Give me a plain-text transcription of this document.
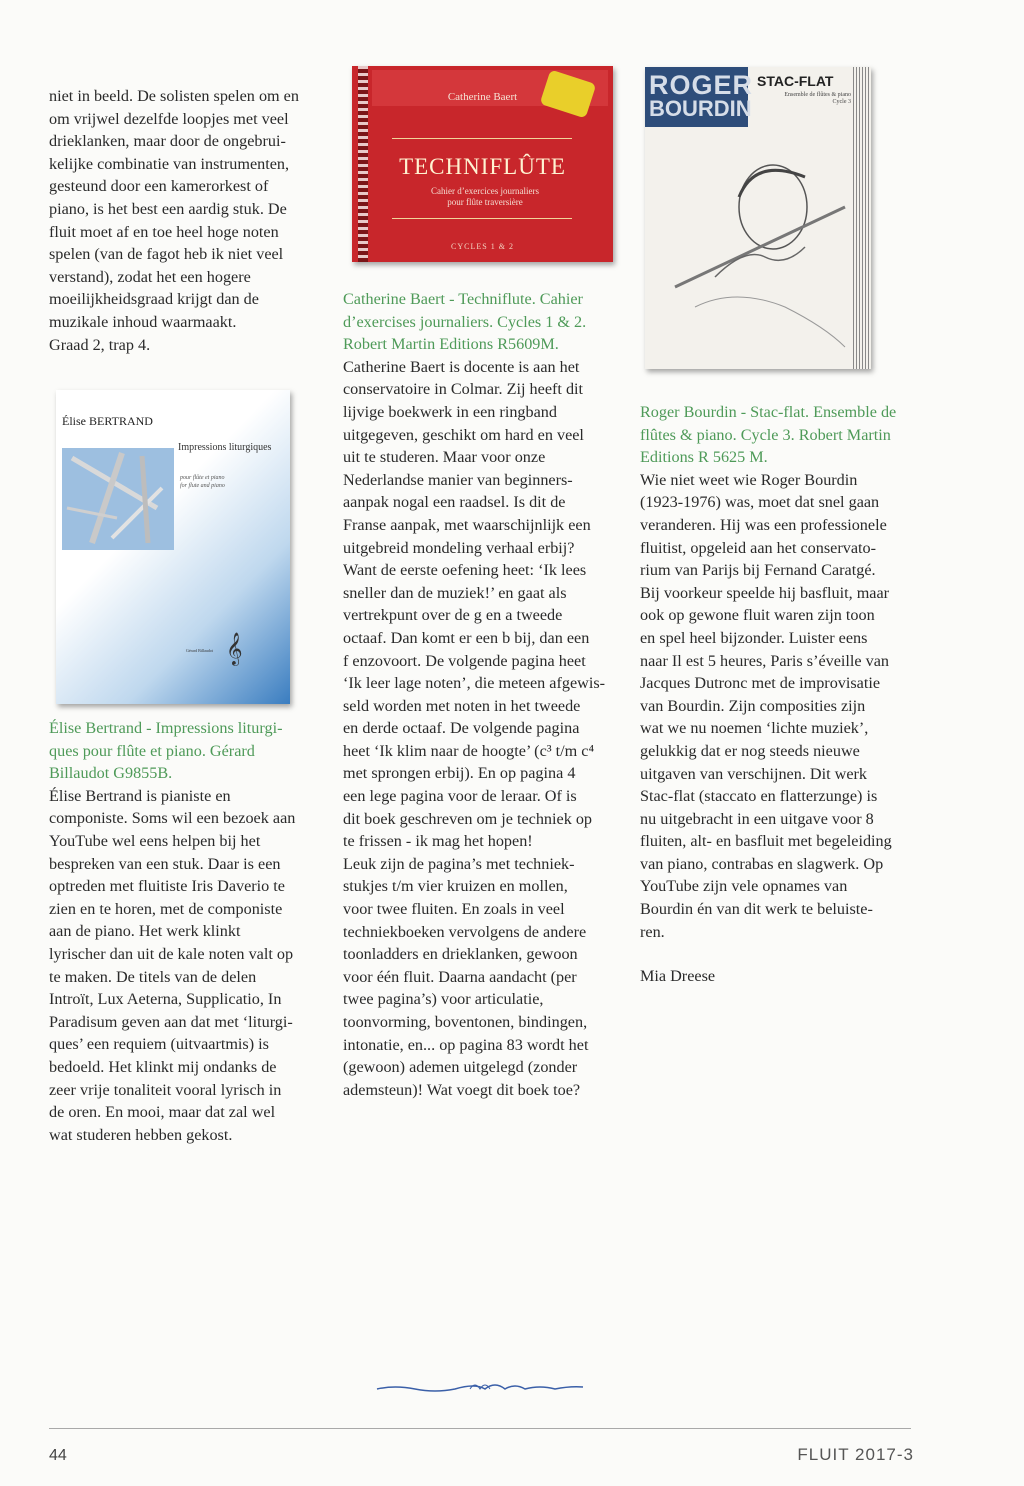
niet in beeld. De solisten spelen om en

om vrijwel dezelfde loopjes met veel

drieklanken, maar door de ongebrui-

kelijke combinatie van instrumenten,

gesteund door een kamerorkest of

piano, is het best een aardig stuk. De

fluit moet af en toe heel hoge noten

spelen (van de fagot heb ik niet veel

verstand), zodat het een hogere

moeilijkheidsgraad krijgt dan de

muzikale inhoud waarmaakt.

Graad 2, trap 4.

Élise BERTRAND
Impressions liturgiques
pour flûte et piano
for flute and piano
𝄞
Gérard Billaudot

Élise Bertrand - Impressions liturgi-

ques pour flûte et piano. Gérard

Billaudot G9855B.

Élise Bertrand is pianiste en

componiste. Soms wil een bezoek aan

YouTube wel eens helpen bij het

bespreken van een stuk. Daar is een

optreden met fluitiste Iris Daverio te

zien en te horen, met de componiste

aan de piano. Het werk klinkt

lyrischer dan uit de kale noten valt op

te maken. De titels van de delen

Introït, Lux Aeterna, Supplicatio, In

Paradisum geven aan dat met ‘liturgi-

ques’ een requiem (uitvaartmis) is

bedoeld. Het klinkt mij ondanks de

zeer vrije tonaliteit vooral lyrisch in

de oren. En mooi, maar dat zal wel

wat studeren hebben gekost.

Catherine Baert
TECHNIFLÛTE
Cahier d’exercices journaliers
pour flûte traversière
CYCLES 1 & 2

Catherine Baert - Techniflute. Cahier

d’exercises journaliers. Cycles 1 & 2.

Robert Martin Editions R5609M.

Catherine Baert is docente is aan het

conservatoire in Colmar. Zij heeft dit

lijvige boekwerk in een ringband

uitgegeven, geschikt om hard en veel

uit te studeren. Maar voor onze

Nederlandse manier van beginners-

aanpak nogal een raadsel. Is dit de

Franse aanpak, met waarschijnlijk een

uitgebreid mondeling verhaal erbij?

Want de eerste oefening heet: ‘Ik lees

sneller dan de muziek!’ en gaat als

vertrekpunt over de g en a tweede

octaaf. Dan komt er een b bij, dan een

f enzovoort. De volgende pagina heet

‘Ik leer lage noten’, die meteen afgewis-

seld worden met noten in het tweede

en derde octaaf. De volgende pagina

heet ‘Ik klim naar de hoogte’ (c³ t/m c⁴

met sprongen erbij). En op pagina 4

een lege pagina voor de leraar. Of is

dit boek geschreven om je techniek op

te frissen - ik mag het hopen!

Leuk zijn de pagina’s met techniek-

stukjes t/m vier kruizen en mollen,

voor twee fluiten. En zoals in veel

techniekboeken vervolgens de andere

toonladders en drieklanken, gewoon

voor één fluit. Daarna aandacht (per

twee pagina’s) voor articulatie,

toonvorming, boventonen, bindingen,

intonatie, en... op pagina 83 wordt het

(gewoon) ademen uitgelegd (zonder

ademsteun)! Wat voegt dit boek toe?

ROGER
BOURDIN
STAC-FLAT
Ensemble de flûtes & piano
Cycle 3

Roger Bourdin - Stac-flat. Ensemble de

flûtes & piano. Cycle 3. Robert Martin

Editions R 5625 M.

Wie niet weet wie Roger Bourdin

(1923-1976) was, moet dat snel gaan

veranderen. Hij was een professionele

fluitist, opgeleid aan het conservato-

rium van Parijs bij Fernand Caratgé.

Bij voorkeur speelde hij basfluit, maar

ook op gewone fluit waren zijn toon

en spel heel bijzonder. Luister eens

naar Il est 5 heures, Paris s’éveille van

Jacques Dutronc met de improvisatie

van Bourdin. Zijn composities zijn

wat we nu noemen ‘lichte muziek’,

gelukkig dat er nog steeds nieuwe

uitgaven van verschijnen. Dit werk

Stac-flat (staccato en flatterzunge) is

nu uitgebracht in een uitgave voor 8

fluiten, alt- en basfluit met begeleiding

van piano, contrabas en slagwerk. Op

YouTube zijn vele opnames van

Bourdin én van dit werk te beluiste-

ren.

Mia Dreese

44	FLUIT 2017-3
